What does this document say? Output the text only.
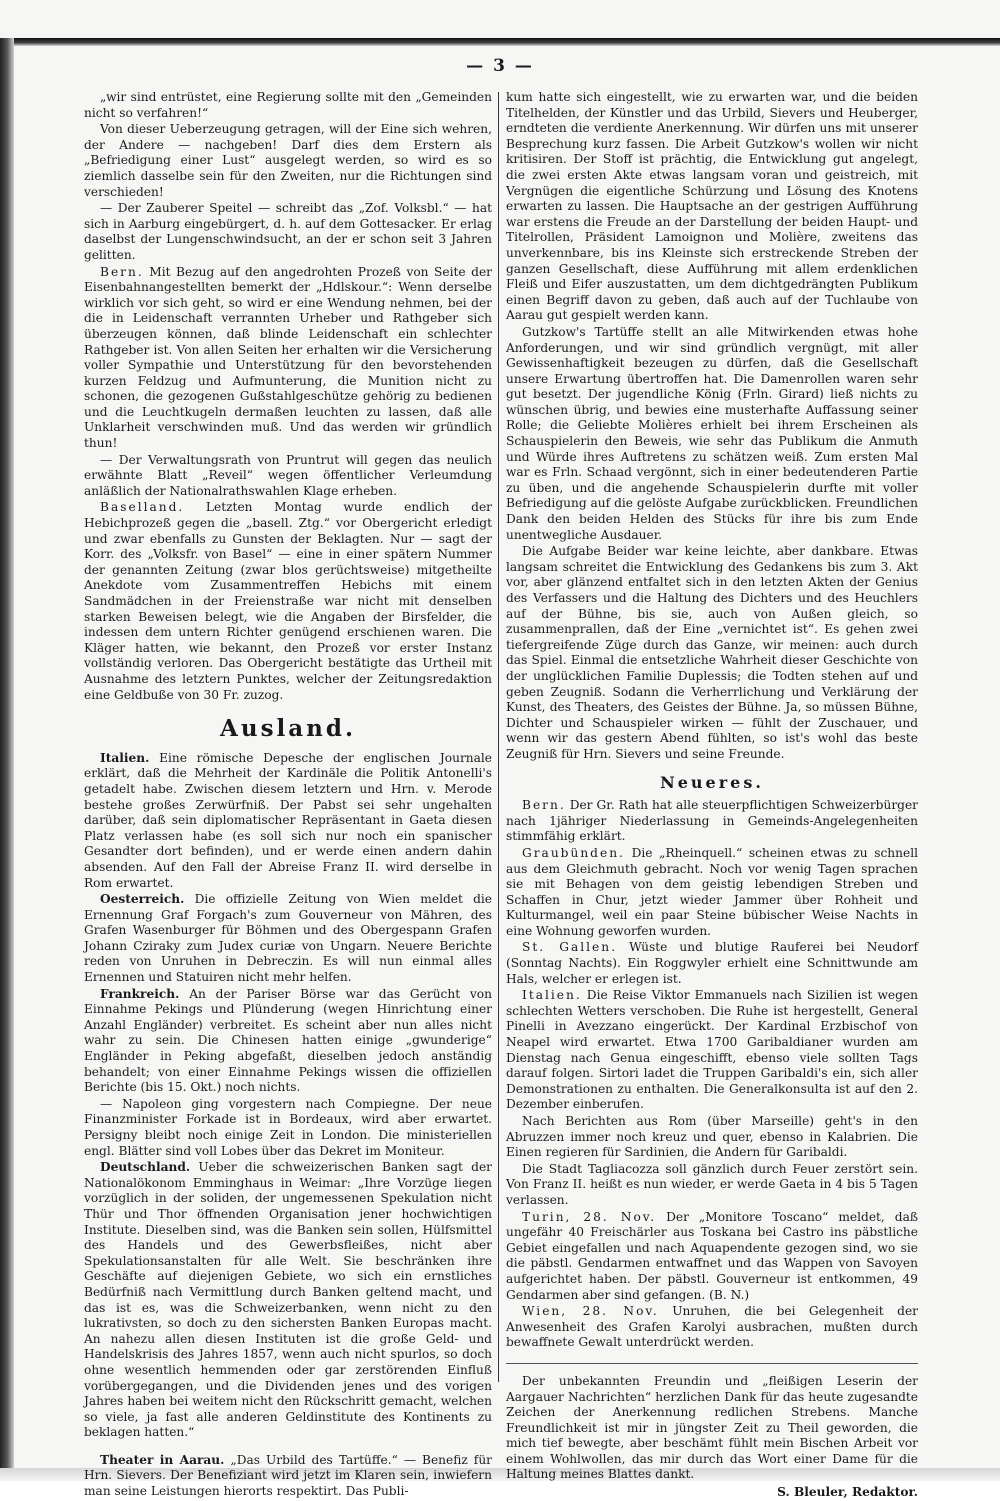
— 3 —

„wir sind entrüstet, eine Regierung sollte mit den „Gemeinden nicht so verfahren!“

Von dieser Ueberzeugung getragen, will der Eine sich wehren, der Andere — nachgeben! Darf dies dem Erstern als „Befriedigung einer Lust“ ausgelegt werden, so wird es so ziemlich dasselbe sein für den Zweiten, nur die Richtungen sind verschieden!

— Der Zauberer Speitel — schreibt das „Zof. Volksbl.“ — hat sich in Aarburg eingebürgert, d. h. auf dem Gottesacker. Er erlag daselbst der Lungenschwindsucht, an der er schon seit 3 Jahren gelitten.

Bern. Mit Bezug auf den angedrohten Prozeß von Seite der Eisenbahnangestellten bemerkt der „Hdlskour.“: Wenn derselbe wirklich vor sich geht, so wird er eine Wendung nehmen, bei der die in Leidenschaft verrannten Urheber und Rathgeber sich überzeugen können, daß blinde Leidenschaft ein schlechter Rathgeber ist. Von allen Seiten her erhalten wir die Versicherung voller Sympathie und Unterstützung für den bevorstehenden kurzen Feldzug und Aufmunterung, die Munition nicht zu schonen, die gezogenen Gußstahlgeschütze gehörig zu bedienen und die Leuchtkugeln dermaßen leuchten zu lassen, daß alle Unklarheit verschwinden muß. Und das werden wir gründlich thun!

— Der Verwaltungsrath von Pruntrut will gegen das neulich erwähnte Blatt „Reveil“ wegen öffentlicher Verleumdung anläßlich der Nationalrathswahlen Klage erheben.

Baselland. Letzten Montag wurde endlich der Hebichprozeß gegen die „basell. Ztg.“ vor Obergericht erledigt und zwar ebenfalls zu Gunsten der Beklagten. Nur — sagt der Korr. des „Volksfr. von Basel“ — eine in einer spätern Nummer der genannten Zeitung (zwar blos gerüchtsweise) mitgetheilte Anekdote vom Zusammentreffen Hebichs mit einem Sandmädchen in der Freienstraße war nicht mit denselben starken Beweisen belegt, wie die Angaben der Birsfelder, die indessen dem untern Richter genügend erschienen waren. Die Kläger hatten, wie bekannt, den Prozeß vor erster Instanz vollständig verloren. Das Obergericht bestätigte das Urtheil mit Ausnahme des letztern Punktes, welcher der Zeitungsredaktion eine Geldbuße von 30 Fr. zuzog.

Ausland.

Italien. Eine römische Depesche der englischen Journale erklärt, daß die Mehrheit der Kardinäle die Politik Antonelli's getadelt habe. Zwischen diesem letztern und Hrn. v. Merode bestehe großes Zerwürfniß. Der Pabst sei sehr ungehalten darüber, daß sein diplomatischer Repräsentant in Gaeta diesen Platz verlassen habe (es soll sich nur noch ein spanischer Gesandter dort befinden), und er werde einen andern dahin absenden. Auf den Fall der Abreise Franz II. wird derselbe in Rom erwartet.

Oesterreich. Die offizielle Zeitung von Wien meldet die Ernennung Graf Forgach's zum Gouverneur von Mähren, des Grafen Wasenburger für Böhmen und des Obergespann Grafen Johann Cziraky zum Judex curiæ von Ungarn. Neuere Berichte reden von Unruhen in Debreczin. Es will nun einmal alles Ernennen und Statuiren nicht mehr helfen.

Frankreich. An der Pariser Börse war das Gerücht von Einnahme Pekings und Plünderung (wegen Hinrichtung einer Anzahl Engländer) verbreitet. Es scheint aber nun alles nicht wahr zu sein. Die Chinesen hatten einige „gwunderige“ Engländer in Peking abgefaßt, dieselben jedoch anständig behandelt; von einer Einnahme Pekings wissen die offiziellen Berichte (bis 15. Okt.) noch nichts.

— Napoleon ging vorgestern nach Compiegne. Der neue Finanzminister Forkade ist in Bordeaux, wird aber erwartet. Persigny bleibt noch einige Zeit in London. Die ministeriellen engl. Blätter sind voll Lobes über das Dekret im Moniteur.

Deutschland. Ueber die schweizerischen Banken sagt der Nationalökonom Emminghaus in Weimar: „Ihre Vorzüge liegen vorzüglich in der soliden, der ungemessenen Spekulation nicht Thür und Thor öffnenden Organisation jener hochwichtigen Institute. Dieselben sind, was die Banken sein sollen, Hülfsmittel des Handels und des Gewerbsfleißes, nicht aber Spekulationsanstalten für alle Welt. Sie beschränken ihre Geschäfte auf diejenigen Gebiete, wo sich ein ernstliches Bedürfniß nach Vermittlung durch Banken geltend macht, und das ist es, was die Schweizerbanken, wenn nicht zu den lukrativsten, so doch zu den sichersten Banken Europas macht. An nahezu allen diesen Instituten ist die große Geld- und Handelskrisis des Jahres 1857, wenn auch nicht spurlos, so doch ohne wesentlich hemmenden oder gar zerstörenden Einfluß vorübergegangen, und die Dividenden jenes und des vorigen Jahres haben bei weitem nicht den Rückschritt gemacht, welchen so viele, ja fast alle anderen Geldinstitute des Kontinents zu beklagen hatten.“

Theater in Aarau. „Das Urbild des Tartüffe.“ — Benefiz für Hrn. Sievers. Der Benefiziant wird jetzt im Klaren sein, inwiefern man seine Leistungen hierorts respektirt. Das Publi-

kum hatte sich eingestellt, wie zu erwarten war, und die beiden Titelhelden, der Künstler und das Urbild, Sievers und Heuberger, erndteten die verdiente Anerkennung. Wir dürfen uns mit unserer Besprechung kurz fassen. Die Arbeit Gutzkow's wollen wir nicht kritisiren. Der Stoff ist prächtig, die Entwicklung gut angelegt, die zwei ersten Akte etwas langsam voran und geistreich, mit Vergnügen die eigentliche Schürzung und Lösung des Knotens erwarten zu lassen. Die Hauptsache an der gestrigen Aufführung war erstens die Freude an der Darstellung der beiden Haupt- und Titelrollen, Präsident Lamoignon und Molière, zweitens das unverkennbare, bis ins Kleinste sich erstreckende Streben der ganzen Gesellschaft, diese Aufführung mit allem erdenklichen Fleiß und Eifer auszustatten, um dem dichtgedrängten Publikum einen Begriff davon zu geben, daß auch auf der Tuchlaube von Aarau gut gespielt werden kann.

Gutzkow's Tartüffe stellt an alle Mitwirkenden etwas hohe Anforderungen, und wir sind gründlich vergnügt, mit aller Gewissenhaftigkeit bezeugen zu dürfen, daß die Gesellschaft unsere Erwartung übertroffen hat. Die Damenrollen waren sehr gut besetzt. Der jugendliche König (Frln. Girard) ließ nichts zu wünschen übrig, und bewies eine musterhafte Auffassung seiner Rolle; die Geliebte Molières erhielt bei ihrem Erscheinen als Schauspielerin den Beweis, wie sehr das Publikum die Anmuth und Würde ihres Auftretens zu schätzen weiß. Zum ersten Mal war es Frln. Schaad vergönnt, sich in einer bedeutenderen Partie zu üben, und die angehende Schauspielerin durfte mit voller Befriedigung auf die gelöste Aufgabe zurückblicken. Freundlichen Dank den beiden Helden des Stücks für ihre bis zum Ende unentwegliche Ausdauer.

Die Aufgabe Beider war keine leichte, aber dankbare. Etwas langsam schreitet die Entwicklung des Gedankens bis zum 3. Akt vor, aber glänzend entfaltet sich in den letzten Akten der Genius des Verfassers und die Haltung des Dichters und des Heuchlers auf der Bühne, bis sie, auch von Außen gleich, so zusammenprallen, daß der Eine „vernichtet ist“. Es gehen zwei tiefergreifende Züge durch das Ganze, wir meinen: auch durch das Spiel. Einmal die entsetzliche Wahrheit dieser Geschichte von der unglücklichen Familie Duplessis; die Todten stehen auf und geben Zeugniß. Sodann die Verherrlichung und Verklärung der Kunst, des Theaters, des Geistes der Bühne. Ja, so müssen Bühne, Dichter und Schauspieler wirken — fühlt der Zuschauer, und wenn wir das gestern Abend fühlten, so ist's wohl das beste Zeugniß für Hrn. Sievers und seine Freunde.

Neueres.

Bern. Der Gr. Rath hat alle steuerpflichtigen Schweizerbürger nach 1jähriger Niederlassung in Gemeinds-Angelegenheiten stimmfähig erklärt.

Graubünden. Die „Rheinquell.“ scheinen etwas zu schnell aus dem Gleichmuth gebracht. Noch vor wenig Tagen sprachen sie mit Behagen von dem geistig lebendigen Streben und Schaffen in Chur, jetzt wieder Jammer über Rohheit und Kulturmangel, weil ein paar Steine bübischer Weise Nachts in eine Wohnung geworfen wurden.

St. Gallen. Wüste und blutige Rauferei bei Neudorf (Sonntag Nachts). Ein Roggwyler erhielt eine Schnittwunde am Hals, welcher er erlegen ist.

Italien. Die Reise Viktor Emmanuels nach Sizilien ist wegen schlechten Wetters verschoben. Die Ruhe ist hergestellt, General Pinelli in Avezzano eingerückt. Der Kardinal Erzbischof von Neapel wird erwartet. Etwa 1700 Garibaldianer wurden am Dienstag nach Genua eingeschifft, ebenso viele sollten Tags darauf folgen. Sirtori ladet die Truppen Garibaldi's ein, sich aller Demonstrationen zu enthalten. Die Generalkonsulta ist auf den 2. Dezember einberufen.

Nach Berichten aus Rom (über Marseille) geht's in den Abruzzen immer noch kreuz und quer, ebenso in Kalabrien. Die Einen regieren für Sardinien, die Andern für Garibaldi.

Die Stadt Tagliacozza soll gänzlich durch Feuer zerstört sein. Von Franz II. heißt es nun wieder, er werde Gaeta in 4 bis 5 Tagen verlassen.

Turin, 28. Nov. Der „Monitore Toscano“ meldet, daß ungefähr 40 Freischärler aus Toskana bei Castro ins päbstliche Gebiet eingefallen und nach Aquapendente gezogen sind, wo sie die päbstl. Gendarmen entwaffnet und das Wappen von Savoyen aufgerichtet haben. Der päbstl. Gouverneur ist entkommen, 49 Gendarmen aber sind gefangen. (B. N.)

Wien, 28. Nov. Unruhen, die bei Gelegenheit der Anwesenheit des Grafen Karolyi ausbrachen, mußten durch bewaffnete Gewalt unterdrückt werden.

Der unbekannten Freundin und „fleißigen Leserin der Aargauer Nachrichten“ herzlichen Dank für das heute zugesandte Zeichen der Anerkennung redlichen Strebens. Manche Freundlichkeit ist mir in jüngster Zeit zu Theil geworden, die mich tief bewegte, aber beschämt fühlt mein Bischen Arbeit vor einem Wohlwollen, das mir durch das Wort einer Dame für die Haltung meines Blattes dankt.

S. Bleuler, Redaktor.
